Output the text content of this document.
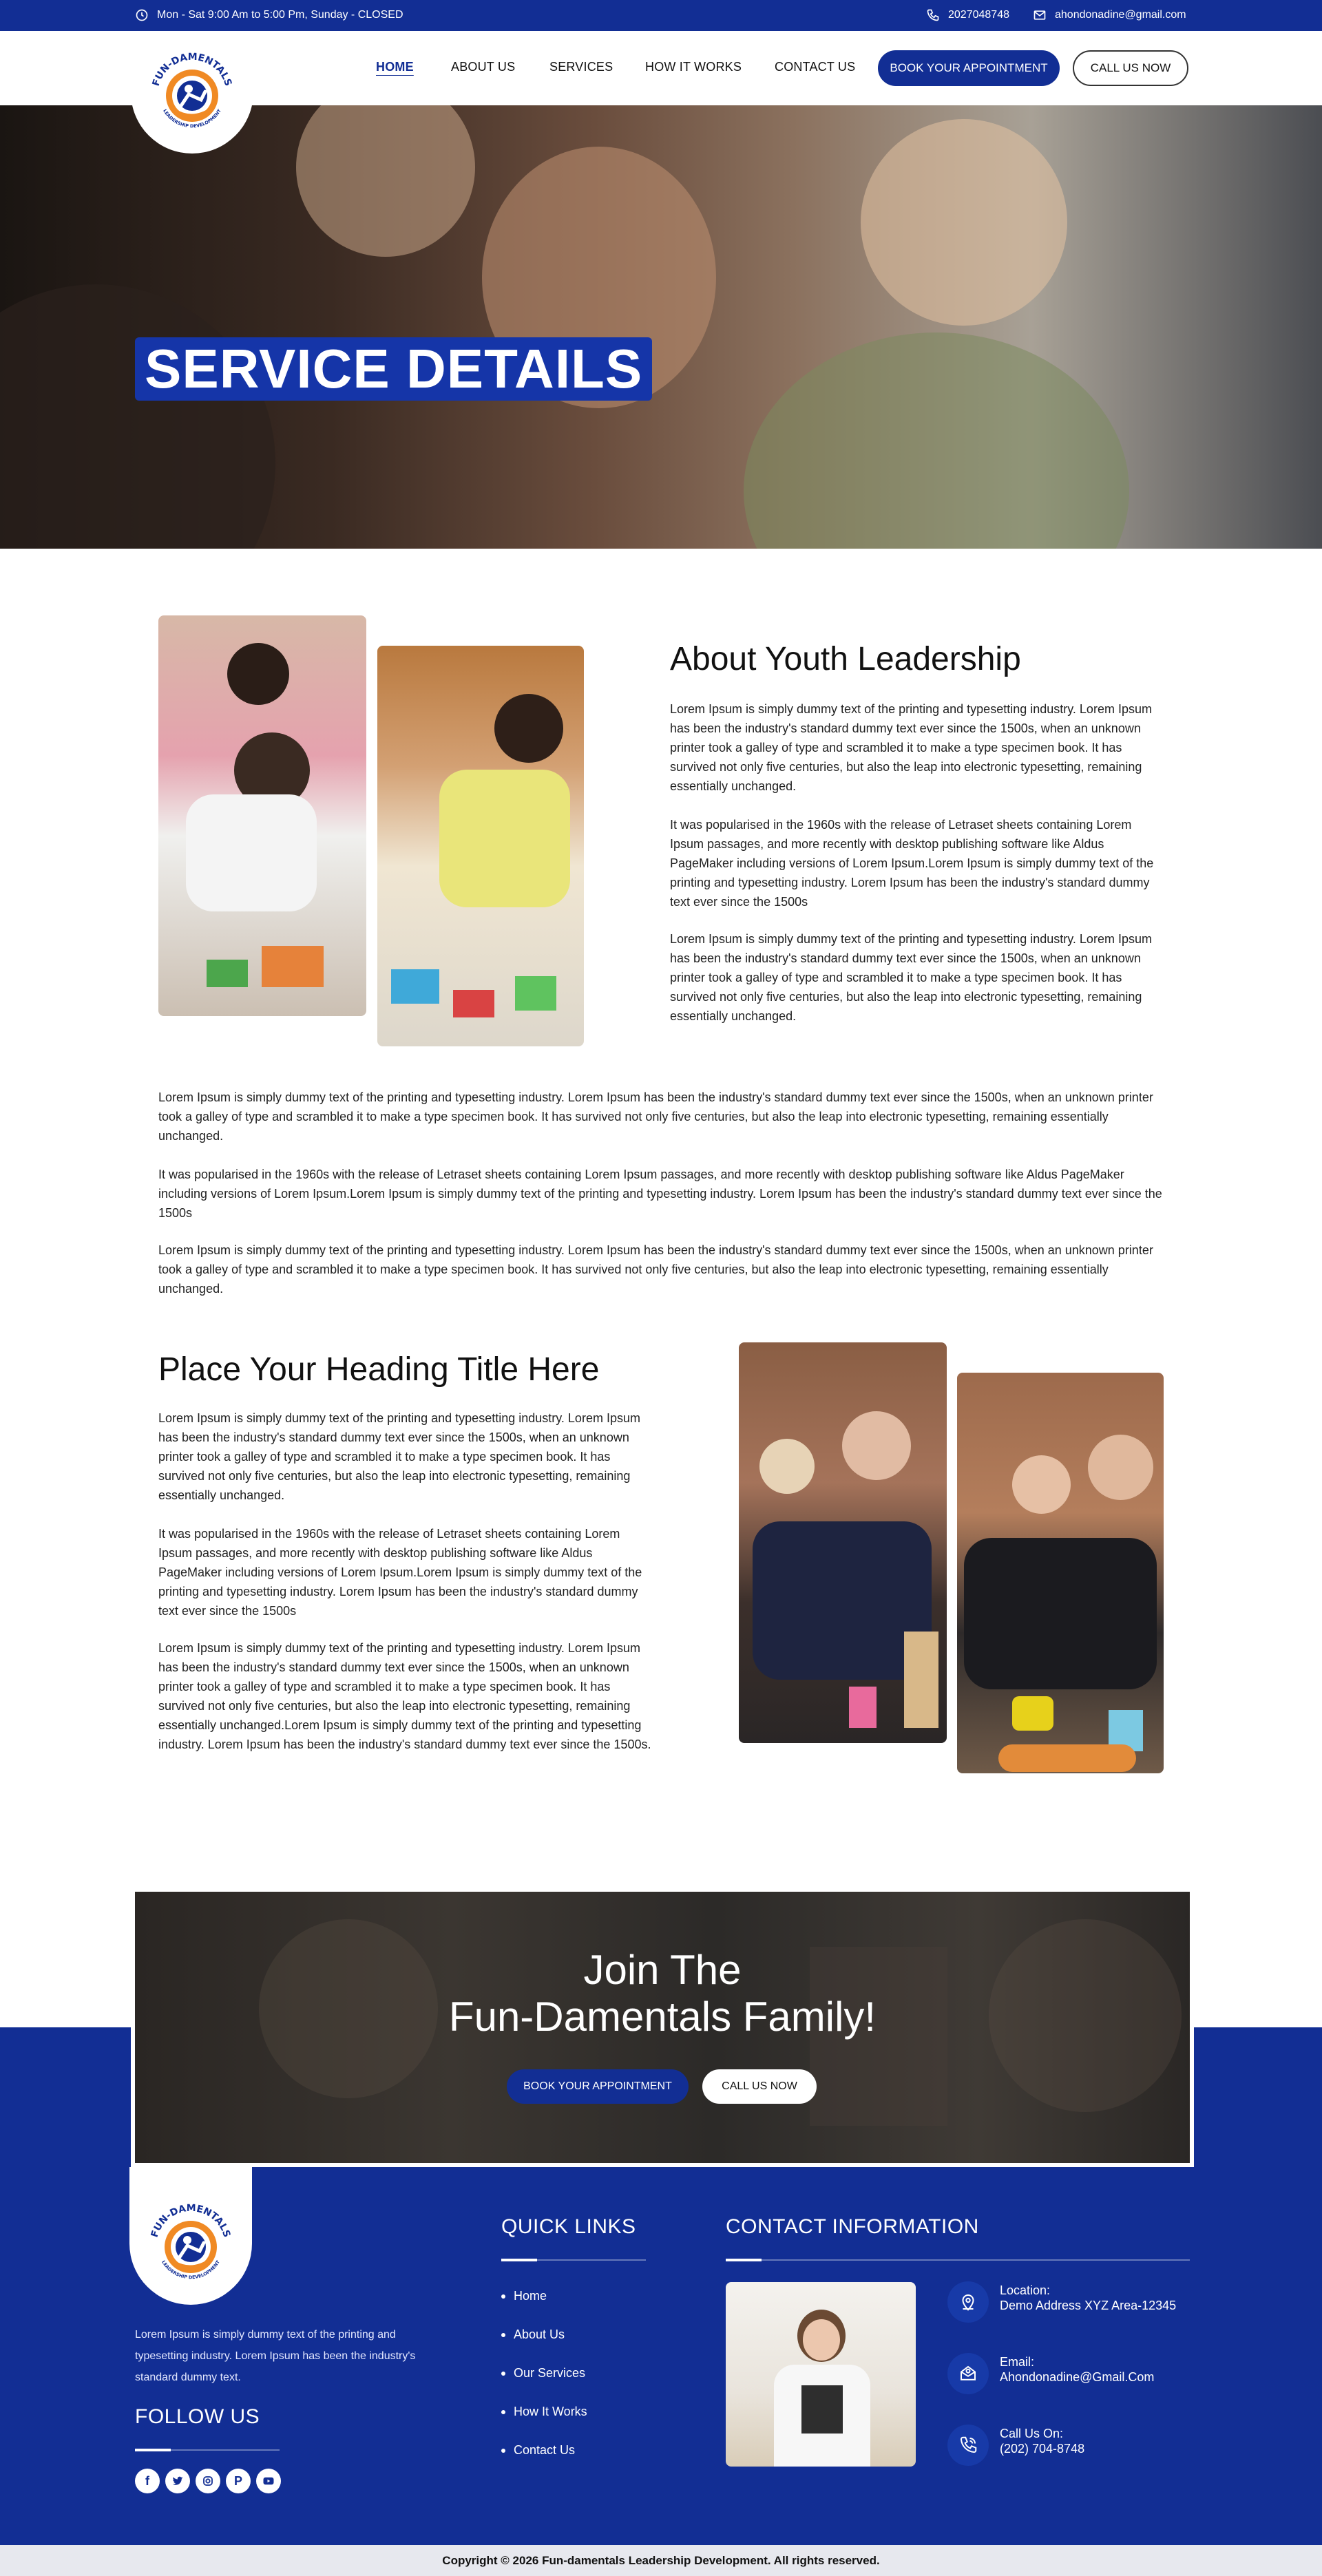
Mon - Sat 9:00 Am to 5:00 Pm, Sunday - CLOSED	2027048748	ahondonadine@gmail.com
FUN-DAMENTALS
LEADERSHIP DEVELOPMENT
HOME	ABOUT US	SERVICES	HOW IT WORKS	CONTACT US	BOOK YOUR APPOINTMENT	CALL US NOW
SERVICE DETAILS
About Youth Leadership

Lorem Ipsum is simply dummy text of the printing and typesetting industry. Lorem Ipsum has been the industry's standard dummy text ever since the 1500s, when an unknown printer took a galley of type and scrambled it to make a type specimen book. It has survived not only five centuries, but also the leap into electronic typesetting, remaining essentially unchanged.

It was popularised in the 1960s with the release of Letraset sheets containing Lorem Ipsum passages, and more recently with desktop publishing software like Aldus PageMaker including versions of Lorem Ipsum.Lorem Ipsum is simply dummy text of the printing and typesetting industry. Lorem Ipsum has been the industry's standard dummy text ever since the 1500s

Lorem Ipsum is simply dummy text of the printing and typesetting industry. Lorem Ipsum has been the industry's standard dummy text ever since the 1500s, when an unknown printer took a galley of type and scrambled it to make a type specimen book. It has survived not only five centuries, but also the leap into electronic typesetting, remaining essentially unchanged.

Lorem Ipsum is simply dummy text of the printing and typesetting industry. Lorem Ipsum has been the industry's standard dummy text ever since the 1500s, when an unknown printer took a galley of type and scrambled it to make a type specimen book. It has survived not only five centuries, but also the leap into electronic typesetting, remaining essentially unchanged.

It was popularised in the 1960s with the release of Letraset sheets containing Lorem Ipsum passages, and more recently with desktop publishing software like Aldus PageMaker including versions of Lorem Ipsum.Lorem Ipsum is simply dummy text of the printing and typesetting industry. Lorem Ipsum has been the industry's standard dummy text ever since the 1500s

Lorem Ipsum is simply dummy text of the printing and typesetting industry. Lorem Ipsum has been the industry's standard dummy text ever since the 1500s, when an unknown printer took a galley of type and scrambled it to make a type specimen book. It has survived not only five centuries, but also the leap into electronic typesetting, remaining essentially unchanged.

Place Your Heading Title Here

Lorem Ipsum is simply dummy text of the printing and typesetting industry. Lorem Ipsum has been the industry's standard dummy text ever since the 1500s, when an unknown printer took a galley of type and scrambled it to make a type specimen book. It has survived not only five centuries, but also the leap into electronic typesetting, remaining essentially unchanged.

It was popularised in the 1960s with the release of Letraset sheets containing Lorem Ipsum passages, and more recently with desktop publishing software like Aldus PageMaker including versions of Lorem Ipsum.Lorem Ipsum is simply dummy text of the printing and typesetting industry. Lorem Ipsum has been the industry's standard dummy text ever since the 1500s

Lorem Ipsum is simply dummy text of the printing and typesetting industry. Lorem Ipsum has been the industry's standard dummy text ever since the 1500s, when an unknown printer took a galley of type and scrambled it to make a type specimen book. It has survived not only five centuries, but also the leap into electronic typesetting, remaining essentially unchanged.Lorem Ipsum is simply dummy text of the printing and typesetting industry. Lorem Ipsum has been the industry's standard dummy text ever since the 1500s.

Join The
Fun-Damentals Family!
BOOK YOUR APPOINTMENT	CALL US NOW
FUN-DAMENTALS
LEADERSHIP DEVELOPMENT

Lorem Ipsum is simply dummy text of the printing and typesetting industry. Lorem Ipsum has been the industry's standard dummy text.

FOLLOW US
f	P
QUICK LINKS
Home
About Us
Our Services
How It Works
Contact Us
CONTACT INFORMATION
Location:
Demo Address XYZ Area-12345
Email:
Ahondonadine@Gmail.Com
Call Us On:
(202) 704-8748
Copyright © 2026 Fun-damentals Leadership Development. All rights reserved.
